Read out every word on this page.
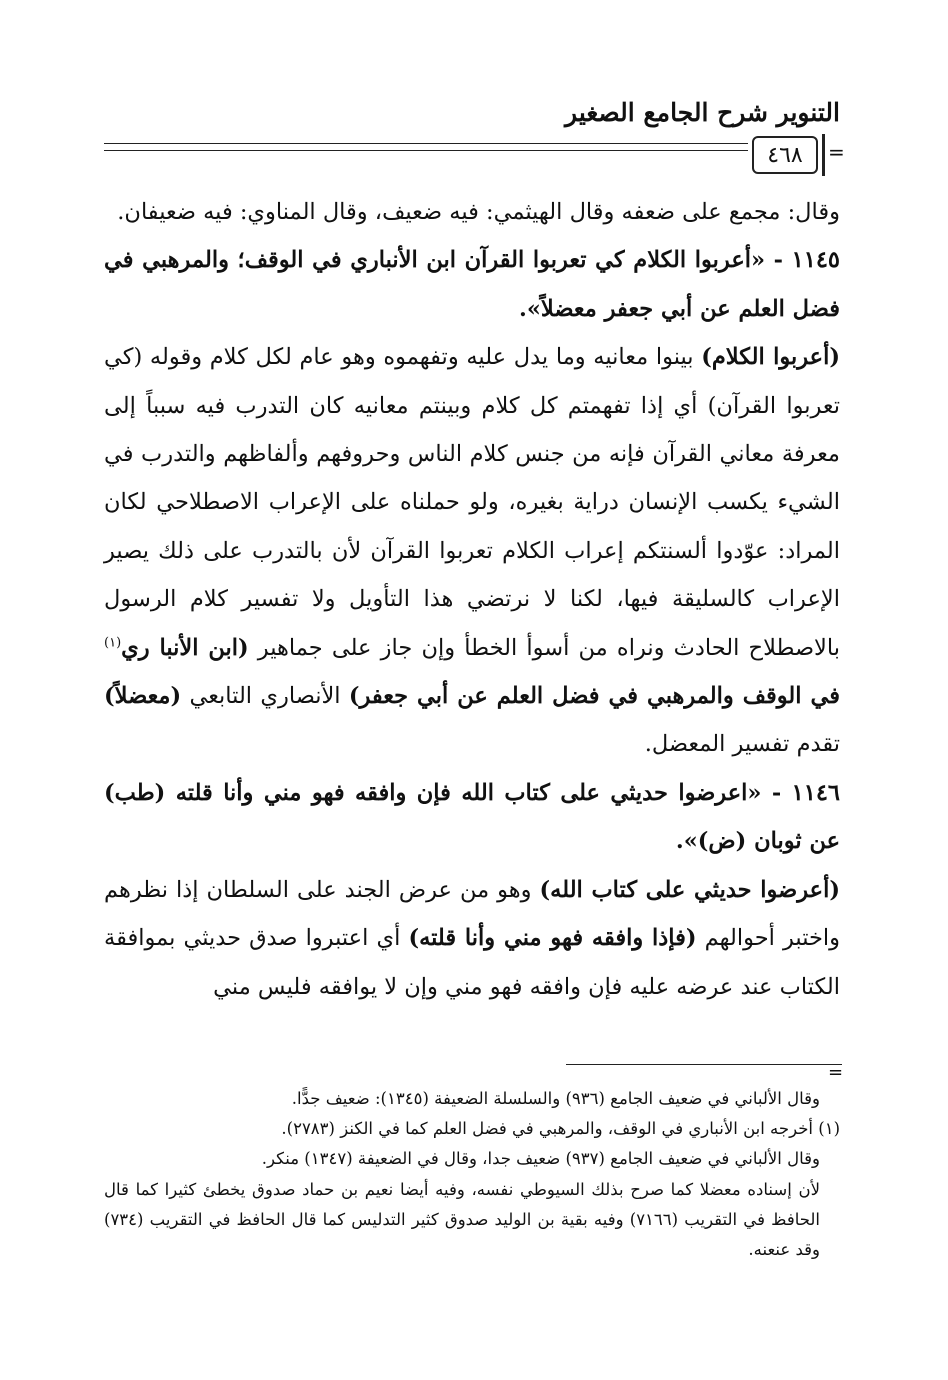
التنوير شرح الجامع الصغير
٤٦٨	=

وقال: مجمع على ضعفه وقال الهيثمي: فيه ضعيف، وقال المناوي: فيه ضعيفان.

١١٤٥ - «أعربوا الكلام كي تعربوا القرآن ابن الأنباري في الوقف؛ والمرهبي في فضل العلم عن أبي جعفر معضلاً».

(أعربوا الكلام) بينوا معانيه وما يدل عليه وتفهموه وهو عام لكل كلام وقوله (كي تعربوا القرآن) أي إذا تفهمتم كل كلام وبينتم معانيه كان التدرب فيه سبباً إلى معرفة معاني القرآن فإنه من جنس كلام الناس وحروفهم وألفاظهم والتدرب في الشيء يكسب الإنسان دراية بغيره، ولو حملناه على الإعراب الاصطلاحي لكان المراد: عوّدوا ألسنتكم إعراب الكلام تعربوا القرآن لأن بالتدرب على ذلك يصير الإعراب كالسليقة فيها، لكنا لا نرتضي هذا التأويل ولا تفسير كلام الرسول بالاصطلاح الحادث ونراه من أسوأ الخطأ وإن جاز على جماهير (ابن الأنبا ري$^{(١)}$ في الوقف والمرهبي في فضل العلم عن أبي جعفر) الأنصاري التابعي (معضلاً) تقدم تفسير المعضل.

١١٤٦ - «اعرضوا حديثي على كتاب الله فإن وافقه فهو مني وأنا قلته (طب) عن ثوبان (ض)».

(أعرضوا حديثي على كتاب الله) وهو من عرض الجند على السلطان إذا نظرهم واختبر أحوالهم (فإذا وافقه فهو مني وأنا قلته) أي اعتبروا صدق حديثي بموافقة الكتاب عند عرضه عليه فإن وافقه فهو مني وإن لا يوافقه فليس مني

=

وقال الألباني في ضعيف الجامع (٩٣٦) والسلسلة الضعيفة (١٣٤٥): ضعيف جدًّا.

(١) أخرجه ابن الأنباري في الوقف، والمرهبي في فضل العلم كما في الكنز (٢٧٨٣).

وقال الألباني في ضعيف الجامع (٩٣٧) ضعيف جدا، وقال في الضعيفة (١٣٤٧) منكر.

لأن إسناده معضلا كما صرح بذلك السيوطي نفسه، وفيه أيضا نعيم بن حماد صدوق يخطئ كثيرا كما قال الحافظ في التقريب (٧١٦٦) وفيه بقية بن الوليد صدوق كثير التدليس كما قال الحافظ في التقريب (٧٣٤) وقد عنعنه.
